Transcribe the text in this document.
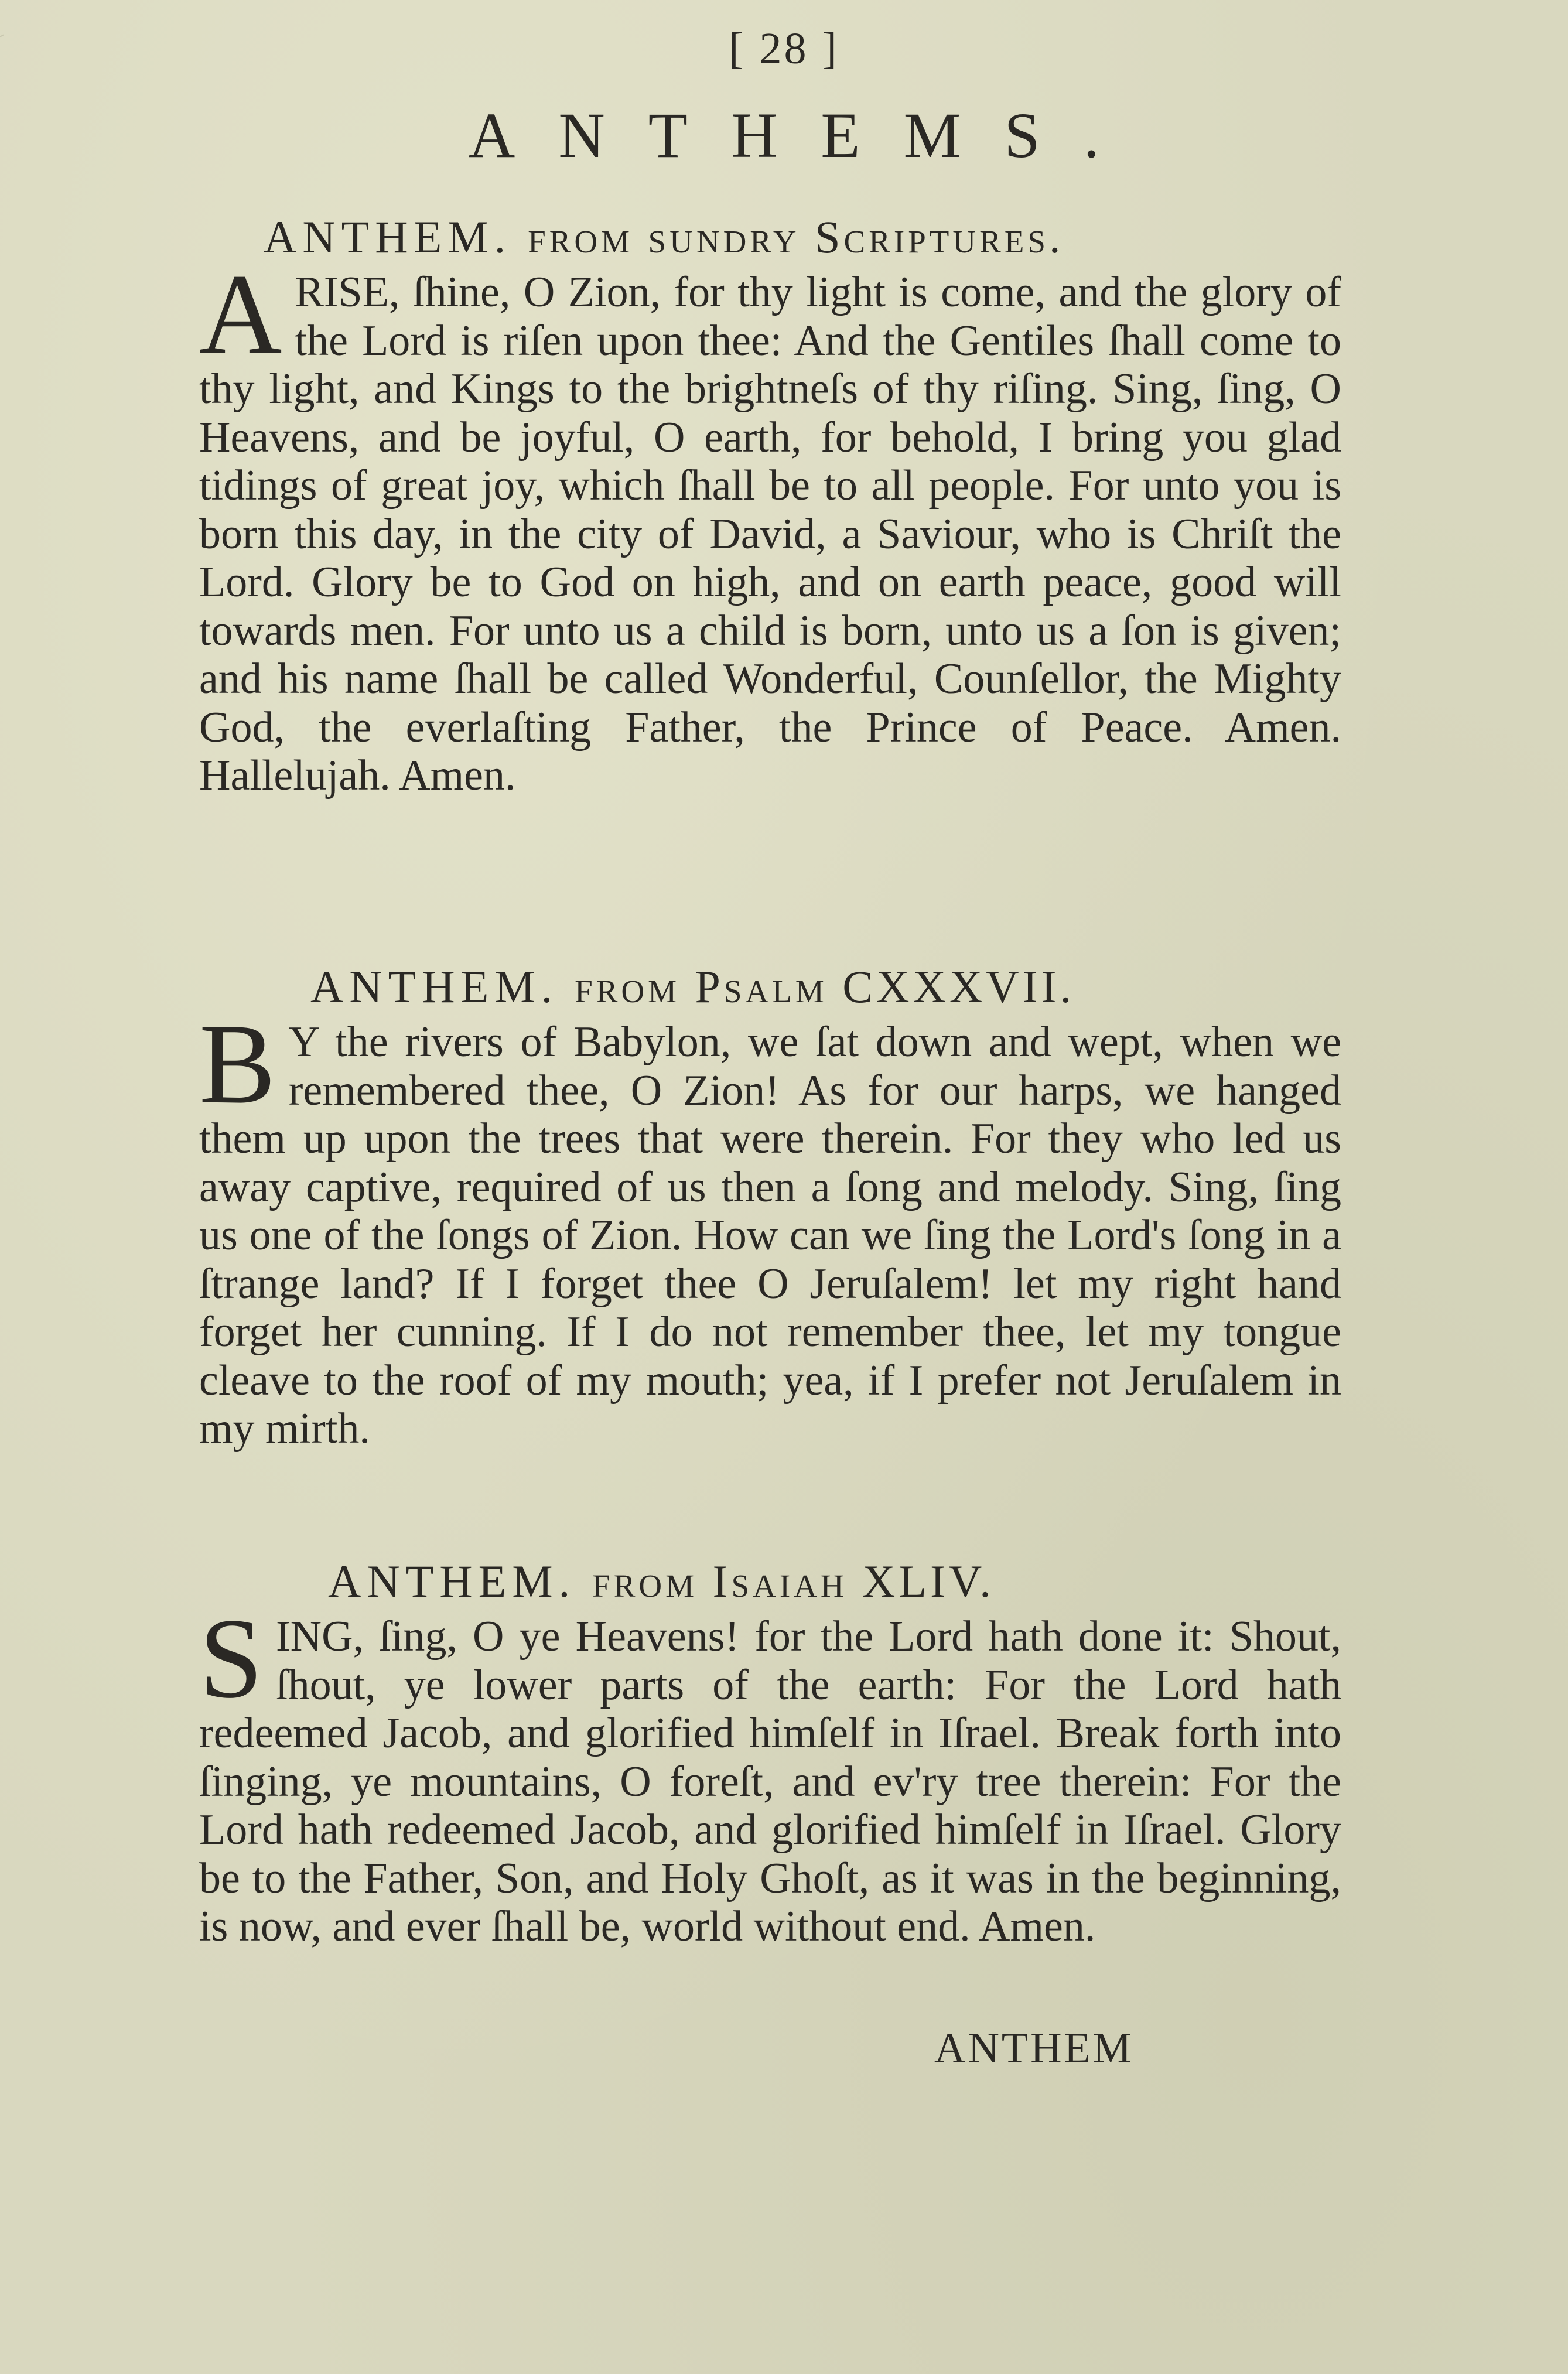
[ 28 ]
ANTHEMS.
ANTHEM. from sundry Scriptures.
ARISE, ſhine, O Zion, for thy light is come, and the glory of the Lord is riſen upon thee: And the Gentiles ſhall come to thy light, and Kings to the brightneſs of thy riſing. Sing, ſing, O Heavens, and be joyful, O earth, for behold, I bring you glad tidings of great joy, which ſhall be to all people. For unto you is born this day, in the city of David, a Saviour, who is Chriſt the Lord. Glory be to God on high, and on earth peace, good will towards men. For unto us a child is born, unto us a ſon is given; and his name ſhall be called Wonderful, Counſellor, the Mighty God, the everlaſting Father, the Prince of Peace. Amen. Hallelujah. Amen.
ANTHEM. from Psalm CXXXVII.
B Y the rivers of Babylon, we ſat down and wept, when we remembered thee, O Zion! As for our harps, we hanged them up upon the trees that were therein. For they who led us away captive, required of us then a ſong and melody. Sing, ſing us one of the ſongs of Zion. How can we ſing the Lord's ſong in a ſtrange land? If I forget thee O Jeruſalem! let my right hand forget her cunning. If I do not remember thee, let my tongue cleave to the roof of my mouth; yea, if I prefer not Jeruſalem in my mirth.
ANTHEM. from Isaiah XLIV.
SING, ſing, O ye Heavens! for the Lord hath done it: Shout, ſhout, ye lower parts of the earth: For the Lord hath redeemed Jacob, and glorified himſelf in Iſrael. Break forth into ſinging, ye mountains, O foreſt, and ev'ry tree therein: For the Lord hath redeemed Jacob, and glorified himſelf in Iſrael. Glory be to the Father, Son, and Holy Ghoſt, as it was in the beginning, is now, and ever ſhall be, world without end. Amen.
ANTHEM
